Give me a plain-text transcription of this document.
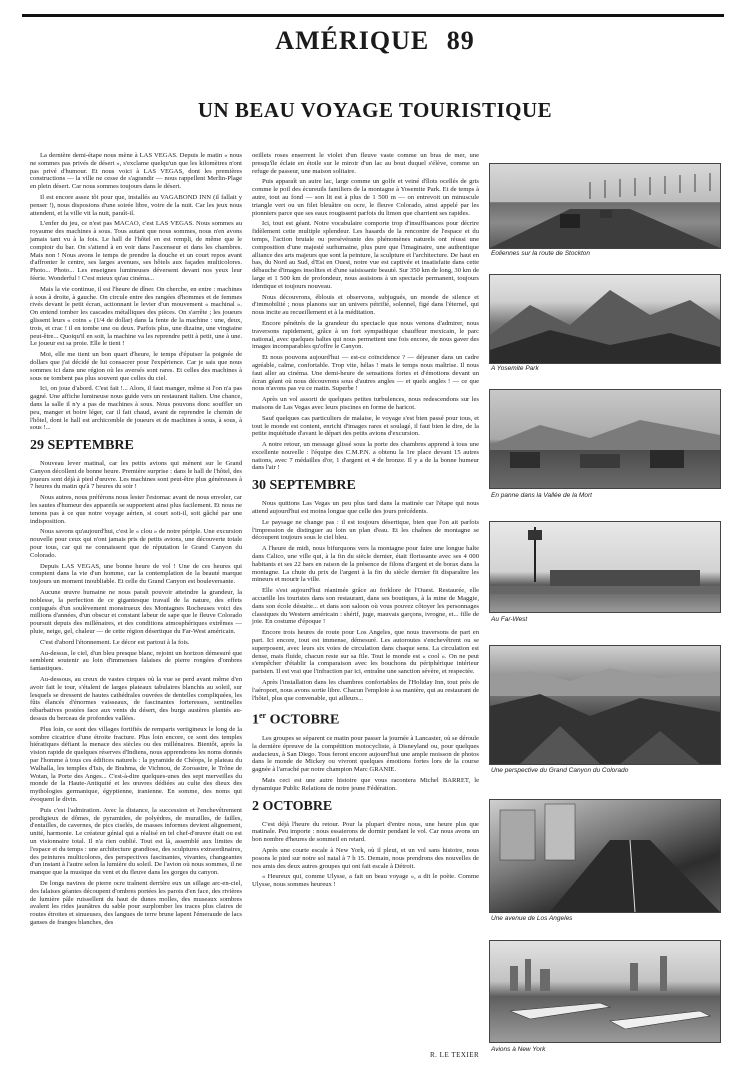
AMÉRIQUE 89
UN BEAU VOYAGE TOURISTIQUE

La dernière demi-étape nous mène à LAS VEGAS. Depuis le matin « nous ne sommes pas privés de désert », s'exclame quelqu'un que les kilomètres n'ont pas privé d'humour. Et nous voici à LAS VEGAS, dont les premières constructions — la ville ne cesse de s'agrandir — nous rappellent Merlin-Plage en plein désert. Car nous sommes toujours dans le désert.

Il est encore assez tôt pour que, installés au VAGABOND INN (il fallait y penser !), nous disposions d'une soirée libre, voire de la nuit. Car les jeux nous attendent, et la ville vit la nuit, paraît-il.

L'enfer du jeu, ce n'est pas MACAO, c'est LAS VEGAS. Nous sommes au royaume des machines à sous. Tous autant que nous sommes, nous n'en avons jamais tant vu à la fois. Le hall de l'hôtel en est rempli, de même que le comptoir du bar. On s'attend à en voir dans l'ascenseur et dans les chambres. Mais non ! Nous avons le temps de prendre la douche et un court repos avant d'affronter le centre, ses larges avenues, ses hôtels aux façades multicolores. Photo... Photo... Les enseignes lumineuses déversent devant nos yeux leur féerie. Wonderful ! C'est mieux qu'au cinéma...

Mais la vie continue, il est l'heure de dîner. On cherche, en entre : machines à sous à droite, à gauche. On circule entre des rangées d'hommes et de femmes rivés devant le petit écran, actionnant le levier d'un mouvement « machinal ». On entend tomber les cascades métalliques des pièces. On s'arrête ; les joueurs glissent leurs « coins » (1/4 de dollar) dans la fente de la machine : une, deux, trois, et crac ! il en tombe une ou deux. Parfois plus, une dizaine, une vingtaine peut-être... Quoiqu'il en soit, la machine va les reprendre petit à petit, une à une. Le joueur est sa proie. Elle le tient !

Moi, elle me tient un bon quart d'heure, le temps d'épuiser la poignée de dollars que j'ai décidé de lui consacrer pour l'expérience. Car je sais que nous sommes ici dans une région où les aversés sont rares. Et celles des machines à sous ne tombent pas plus souvent que celles du ciel.

Ici, on joue d'abord. C'est fait !... Alors, il faut manger, même si l'on n'a pas gagné. Une affiche lumineuse nous guide vers un restaurant italien. Une chance, dans la salle il n'y a pas de machines à sous. Nous pouvons donc souffler un peu, manger et boire léger, car il fait chaud, avant de reprendre le chemin de l'hôtel, dont le hall est archicomble de joueurs et de machines à sous, à sous, à sous !...

29 SEPTEMBRE

Nouveau lever matinal, car les petits avions qui mènent sur le Grand Canyon décollent de bonne heure. Première surprise : dans le hall de l'hôtel, des joueurs sont déjà à pied d'œuvre. Les machines sont peut-être plus généreuses à 7 heures du matin qu'à 7 heures du soir !

Nous autres, nous préférons nous lester l'estomac avant de nous envoler, car les sautes d'humeur des appareils se supportent ainsi plus facilement. Et nous ne tenons pas à ce que notre voyage aérien, si court soit-il, soit gâché par une indisposition.

Nous savons qu'aujourd'hui, c'est le « clou » de notre périple. Une excursion nouvelle pour ceux qui n'ont jamais pris de petits avions, une découverte totale pour tous, car qui ne connaissent que de réputation le Grand Canyon du Colorado.

Depuis LAS VEGAS, une bonne heure de vol ! Une de ces heures qui comptent dans la vie d'un homme, car la contemplation de la beauté marque toujours un moment inoubliable. Et celle du Grand Canyon est bouleversante.

Aucune œuvre humaine ne nous paraît pouvoir atteindre la grandeur, la noblesse, la perfection de ce gigantesque travail de la nature, des effets conjugués d'un soulèvement monstrueux des Montagnes Rocheuses voici des millions d'années, d'un obscur et constant labeur de sape que le fleuve Colorado poursuit depuis des millénaires, et des conditions atmosphériques extrêmes — pluie, neige, gel, chaleur — de cette région désertique du Far-West américain.

C'est d'abord l'étonnement. Le décor est partout à la fois.

Au-dessus, le ciel, d'un bleu presque blanc, rejoint un horizon démesuré que semblent soutenir au loin d'immenses falaises de pierre rongées d'ombres fantastiques.

Au-dessous, au creux de vastes cirques où la vue se perd avant même d'en avoir fait le tour, s'étalent de larges plateaux tabulaires blanchis au soleil, sur lesquels se dressent de hautes cathédrales ouvrées de dentelles compliquées, les fûts élancés d'énormes vaisseaux, de fascinantes forteresses, sentinelles rébarbatives postées face aux vents du désert, des burgs austères plantés au-dessus du berceau de profondes vallées.

Plus loin, ce sont des villages fortifiés de remparts vertigineux le long de la sombre cicatrice d'une étroite fracture. Plus loin encore, ce sont des temples hiératiques défiant la menace des siècles ou des millénaires. Bientôt, après la vision rapide de quelques réserves d'Indiens, nous apprendrons les noms donnés par l'homme à tous ces édifices naturels : la pyramide de Chéops, le plateau du Walhalla, les temples d'Isis, de Brahma, de Vichnou, de Zoroastre, le Trône de Wotan, la Porte des Anges... C'est-à-dire quelques-unes des sept merveilles du monde de la Haute-Antiquité et les œuvres dédiées au culte des dieux des mythologies germanique, égyptienne, iranienne. En somme, des noms qui évoquent le divin.

Puis c'est l'admiration. Avec la distance, la succession et l'enchevêtrement prodigieux de dômes, de pyramides, de polyèdres, de murailles, de failles, d'entailles, de cavernes, de pics ciselés, de masses informes devient alignement, unité, harmonie. Le créateur génial qui a réalisé en tel chef-d'œuvre était ou est un visionnaire total. Il n'a rien oublié. Tout est là, assemblé aux limites de l'espace et du temps : une architecture grandiose, des sculptures extraordinaires, des peintures multicolores, des perspectives fascinantes, vivantes, changeantes d'un instant à l'autre selon la lumière du soleil. De l'avion où nous sommes, il ne manque que la musique du vent et du fleuve dans les gorges du canyon.

De longs navires de pierre ocre traînent derrière eux un sillage arc-en-ciel, des falaises géantes découpent d'ombres portées les parois d'en face, des rivières de lumière pâle ruissellent du haut de dunes molles, des museaux sombres avalent les rides jaunâtres du sable pour surplomber les traces plus claires de routes étroites et sinueuses, des langues de terre brune lapent l'émeraude de lacs ganses de franges blanches, des

oeillets roses enserrent le violet d'un fleuve vaste comme un bras de mer, une presqu'île éclate en étoile sur le miroir d'un lac au bout duquel s'élève, comme un refuge de passeur, une maison solitaire.

Puis apparaît un autre lac, large comme un golfe et veiné d'îlots ocellés de gris comme le poil des écureuils familiers de la montagne à Yosemite Park. Et de temps à autre, tout au fond — son lit est à plus de 1 500 m — on entrevoit un minuscule triangle vert ou un filet bleuâtre ou ocre, le fleuve Colorado, ainsi appelé par les pionniers parce que ses eaux rougissent parfois du limon que charrient ses rapides.

Ici, tout est géant. Notre vocabulaire comporte trop d'insuffisances pour décrire fidèlement cette multiple splendeur. Les hasards de la rencontre de l'espace et du temps, l'action brutale ou persévérante des phénomènes naturels ont réussi une composition d'une majesté surhumaine, plus pure que l'imaginaire, une authentique alliance des arts majeurs que sont la peinture, la sculpture et l'architecture. De haut en bas, du Nord au Sud, d'Est en Ouest, notre vue est captivée et insatisfaite dans cette débauche d'images insolites et d'une saisissante beauté. Sur 350 km de long, 30 km de large et 1 500 km de profondeur, nous assistons à un spectacle permanent, toujours identique et toujours nouveau.

Nous découvrons, éblouis et observons, subjugués, un monde de silence et d'immobilité ; nous planons sur un univers pétrifié, solennel, figé dans l'éternel, qui nous incite au recueillement et à la méditation.

Encore pénétrés de la grandeur du spectacle que nous venons d'admirer, nous traversons rapidement, grâce à un fort sympathique chauffeur mexicain, le parc national, avec quelques haltes qui nous permettent une fois encore, de nous gaver des images incomparables qu'offre le Canyon.

Et nous pouvons aujourd'hui — est-ce coïncidence ? — déjeuner dans un cadre agréable, calme, confortable. Trop vite, hélas ! mais le temps nous maîtrise. Il nous faut aller au cinéma. Une demi-heure de sensations fortes et d'émotions devant un écran géant où nous découvrons sous d'autres angles — et quels angles ! — ce que nous n'avons pas vu ce matin. Superbe !

Après un vol assorti de quelques petites turbulences, nous redescendons sur les maisons de Las Vegas avec leurs piscines en forme de haricot.

Sauf quelques cas particuliers de malaise, le voyage s'est bien passé pour tous, et tout le monde est content, enrichi d'images rares et soulagé, il faut bien le dire, de la petite inquiétude d'avant le départ des petits avions d'excursion.

A notre retour, un message glissé sous la porte des chambres apprend à tous une excellente nouvelle : l'équipe des C.M.P.N. a obtenu la 1re place devant 15 autres nations, avec 7 médailles d'or, 1 d'argent et 4 de bronze. Il y a de la bonne humeur dans l'air !

30 SEPTEMBRE

Nous quittons Las Vegas un peu plus tard dans la matinée car l'étape qui nous attend aujourd'hui est moins longue que celle des jours précédents.

Le paysage ne change pas : il est toujours désertique, bien que l'on ait parfois l'impression de distinguer au loin un plan d'eau. Et les chaînes de montagne se découpent toujours sous le ciel bleu.

A l'heure de midi, nous bifurquons vers la montagne pour faire une longue halte dans Calico, une ville qui, à la fin du siècle dernier, était florissante avec ses 4 000 habitants et ses 22 bars en raison de la présence de filons d'argent et de borax dans la montagne. La chute du prix de l'argent à la fin du siècle dernier fit disparaître les mineurs et mourir la ville.

Elle s'est aujourd'hui réanimée grâce au forklore de l'Ouest. Restaurée, elle accueille les touristes dans son restaurant, dans ses boutiques, à la mine de Maggie, dans son école désuète... et dans son saloon où vous pouvez côtoyer les personnages classiques du Western américain : shérif, juge, mauvais garçons, ivrogne, et... fille de joie. En costume d'époque !

Encore trois heures de route pour Los Angeles, que nous traversons de part en part. Ici encore, tout est immense, démesuré. Les autoroutes s'enchevêtrent ou se superposent, avec leurs six voies de circulation dans chaque sens. La circulation est dense, mais fluide, chacun reste sur sa file. Tout le monde est « cool ». On ne peut s'empêcher d'établir la comparaison avec les bouchons du périphérique intérieur parisien. Il est vrai que l'infraction par ici, entraîne une sanction sévère, et respectée.

Après l'installation dans les chambres confortables de l'Holiday Inn, tout près de l'aéroport, nous avons sortie libre. Chacun l'emploie à sa manière, qui au restaurant de l'hôtel, plus que convenable, qui ailleurs...

1er OCTOBRE

Les groupes se séparent ce matin pour passer la journée à Lancaster, où se déroule la dernière épreuve de la compétition motocycliste, à Disneyland ou, pour quelques audacieux, à San Diego. Tous feront encore aujourd'hui une ample moisson de photos dans le monde de Mickey ou vivront quelques émotions fortes lors de la course gagnée à l'arraché par notre champion Marc GRANIE.

Mais ceci est une autre histoire que vous racontera Michel BARRET, le dynamique Public Relations de notre jeune Fédération.

2 OCTOBRE

C'est déjà l'heure du retour. Pour la plupart d'entre nous, une heure plus que matinale. Peu importe : nous essaierons de dormir pendant le vol. Car nous avons un bon nombre d'heures de sommeil en retard.

Après une courte escale à New York, où il pleut, et un vol sans histoire, nous posons le pied sur notre sol natal à 7 h 15. Demain, nous prendrons des nouvelles de nos amis des deux autres groupes qui ont fait escale à Détroit.

« Heureux qui, comme Ulysse, a fait un beau voyage », a dit le poète. Comme Ulysse, nous sommes heureux !

R. LE TEXIER
Eoliennes sur la route de Stockton
A Yosemite Park
En panne dans la Vallée de la Mort
Au Far-West
Une perspective du Grand Canyon du Colorado
Une avenue de Los Angeles
Avions à New York
